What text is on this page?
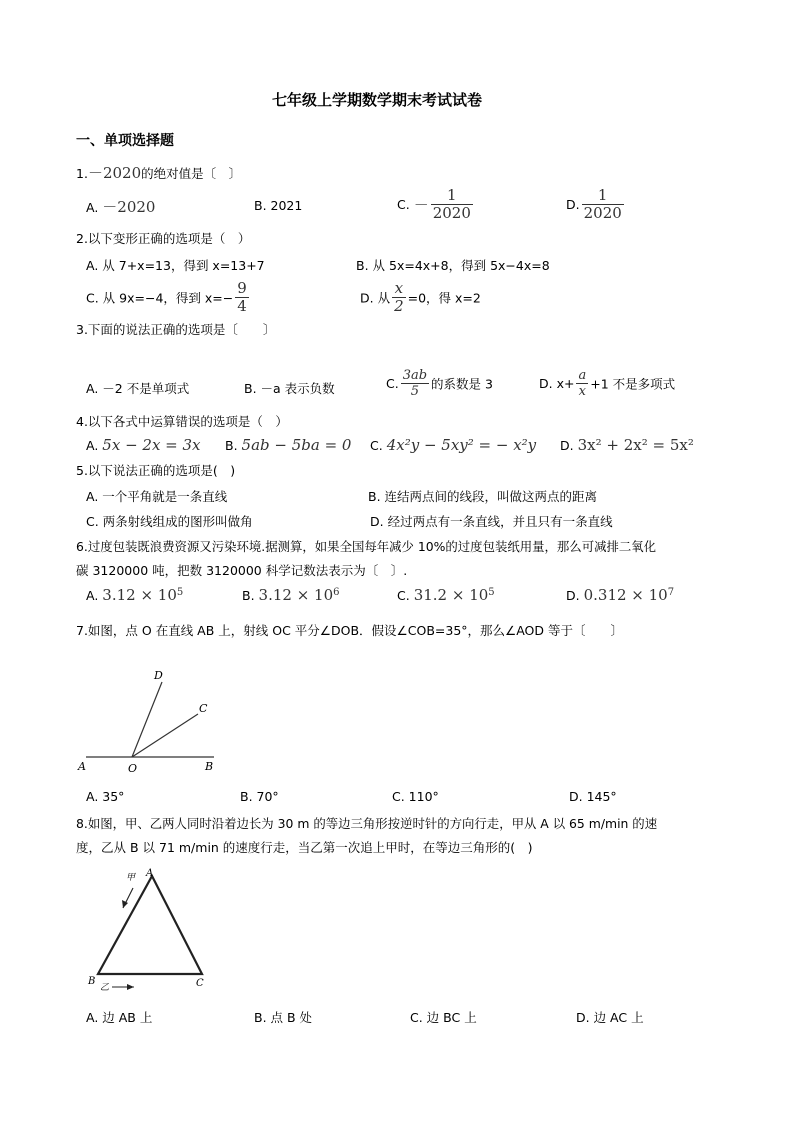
七年级上学期数学期末考试试卷
一、单项选择题
1.－2020的绝对值是〔　〕
A. －2020	B. 2021	C. － $\frac{1}{2020}$	D. $\frac{1}{2020}$
2.以下变形正确的选项是（　）
A. 从 7+x=13，得到 x=13+7	B. 从 5x=4x+8，得到 5x−4x=8
C. 从 9x=−4，得到 $x=- \frac{9}{4}$	D. 从 $\frac{x}{2} =0$，得 x=2
3.下面的说法正确的选项是〔　　〕
A. －2 不是单项式	B. －a 表示负数	C. $\frac{3ab}{5}$ 的系数是 3	D. $x+ \frac{a}{x} +1$ 不是多项式
4.以下各式中运算错误的选项是（　）
A. 5x − 2x = 3x B. 5ab − 5ba = 0 C. 4x²y − 5xy² = − x²y D. 3x² + 2x² = 5x²
5.以下说法正确的选项是(　)
A. 一个平角就是一条直线	B. 连结两点间的线段，叫做这两点的距离
C. 两条射线组成的图形叫做角	D. 经过两点有一条直线，并且只有一条直线
6.过度包装既浪费资源又污染环境.据测算，如果全国每年减少 10%的过度包装纸用量，那么可减排二氧化
碳 3120000 吨，把数 3120000 科学记数法表示为〔　〕.
A. $3.12 \times 10^5$	B. $3.12 \times 10^6$	C. $31.2 \times 10^5$	D. $0.312 \times 10^7$
7.如图，点 O 在直线 AB 上，射线 OC 平分∠DOB．假设∠COB=35°，那么∠AOD 等于〔　　〕
A	O	B
D
C
A. 35°	B. 70°	C. 110°	D. 145°
8.如图，甲、乙两人同时沿着边长为 30 m 的等边三角形按逆时针的方向行走，甲从 A 以 65 m/min 的速
度，乙从 B 以 71 m/min 的速度行走，当乙第一次追上甲时，在等边三角形的(　)
A
B	C
甲
乙
A. 边 AB 上	B. 点 B 处	C. 边 BC 上	D. 边 AC 上
